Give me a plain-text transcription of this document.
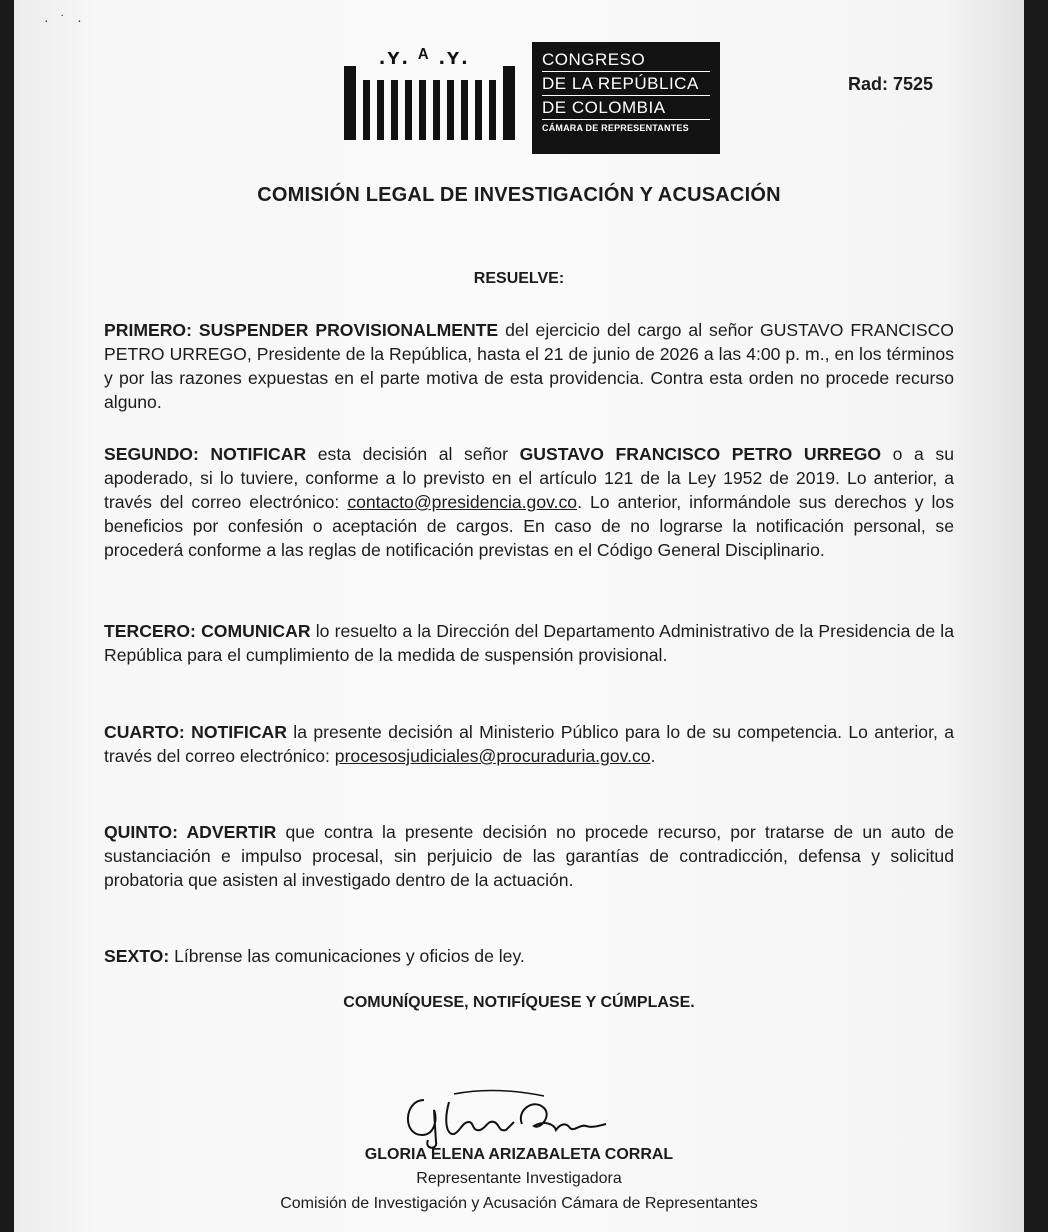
· ˙ ·
.ʏ. ᴬ .ʏ.	CONGRESO
DE LA REPÚBLICA
DE COLOMBIA
CÁMARA DE REPRESENTANTES
Rad: 7525
COMISIÓN LEGAL DE INVESTIGACIÓN Y ACUSACIÓN
RESUELVE:
PRIMERO: SUSPENDER PROVISIONALMENTE del ejercicio del cargo al señor GUSTAVO FRANCISCO PETRO URREGO, Presidente de la República, hasta el 21 de junio de 2026 a las 4:00 p. m., en los términos y por las razones expuestas en el parte motiva de esta providencia. Contra esta orden no procede recurso alguno.
SEGUNDO: NOTIFICAR esta decisión al señor GUSTAVO FRANCISCO PETRO URREGO o a su apoderado, si lo tuviere, conforme a lo previsto en el artículo 121 de la Ley 1952 de 2019. Lo anterior, a través del correo electrónico: contacto@presidencia.gov.co. Lo anterior, informándole sus derechos y los beneficios por confesión o aceptación de cargos. En caso de no lograrse la notificación personal, se procederá conforme a las reglas de notificación previstas en el Código General Disciplinario.
TERCERO: COMUNICAR lo resuelto a la Dirección del Departamento Administrativo de la Presidencia de la República para el cumplimiento de la medida de suspensión provisional.
CUARTO: NOTIFICAR la presente decisión al Ministerio Público para lo de su competencia. Lo anterior, a través del correo electrónico: procesosjudiciales@procuraduria.gov.co.
QUINTO: ADVERTIR que contra la presente decisión no procede recurso, por tratarse de un auto de sustanciación e impulso procesal, sin perjuicio de las garantías de contradicción, defensa y solicitud probatoria que asisten al investigado dentro de la actuación.
SEXTO: Líbrense las comunicaciones y oficios de ley.
COMUNÍQUESE, NOTIFÍQUESE Y CÚMPLASE.
GLORIA ELENA ARIZABALETA CORRAL
Representante Investigadora
Comisión de Investigación y Acusación Cámara de Representantes
